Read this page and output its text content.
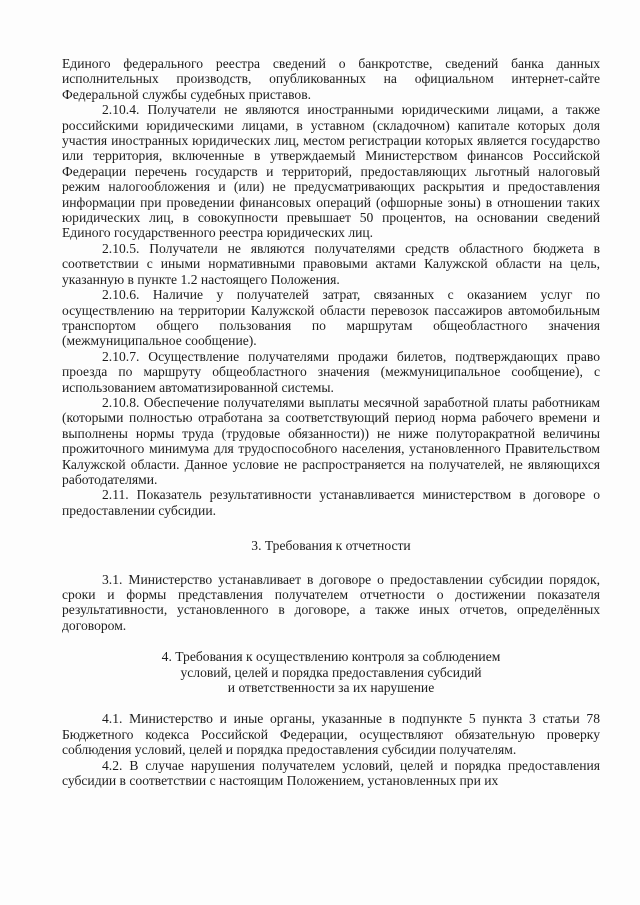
Единого федерального реестра сведений о банкротстве, сведений банка данных исполнительных производств, опубликованных на официальном интернет-сайте Федеральной службы судебных приставов.

2.10.4. Получатели не являются иностранными юридическими лицами, а также российскими юридическими лицами, в уставном (складочном) капитале которых доля участия иностранных юридических лиц, местом регистрации которых является государство или территория, включенные в утверждаемый Министерством финансов Российской Федерации перечень государств и территорий, предоставляющих льготный налоговый режим налогообложения и (или) не предусматривающих раскрытия и предоставления информации при проведении финансовых операций (офшорные зоны) в отношении таких юридических лиц, в совокупности превышает 50 процентов, на основании сведений Единого государственного реестра юридических лиц.

2.10.5. Получатели не являются получателями средств областного бюджета в соответствии с иными нормативными правовыми актами Калужской области на цель, указанную в пункте 1.2 настоящего Положения.

2.10.6. Наличие у получателей затрат, связанных с оказанием услуг по осуществлению на территории Калужской области перевозок пассажиров автомобильным транспортом общего пользования по маршрутам общеобластного значения (межмуниципальное сообщение).

2.10.7. Осуществление получателями продажи билетов, подтверждающих право проезда по маршруту общеобластного значения (межмуниципальное сообщение), с использованием автоматизированной системы.

2.10.8. Обеспечение получателями выплаты месячной заработной платы работникам (которыми полностью отработана за соответствующий период норма рабочего времени и выполнены нормы труда (трудовые обязанности)) не ниже полуторакратной величины прожиточного минимума для трудоспособного населения, установленного Правительством Калужской области. Данное условие не распространяется на получателей, не являющихся работодателями.

2.11. Показатель результативности устанавливается министерством в договоре о предоставлении субсидии.

3. Требования к отчетности

3.1. Министерство устанавливает в договоре о предоставлении субсидии порядок, сроки и формы представления получателем отчетности о достижении показателя результативности, установленного в договоре, а также иных отчетов, определённых договором.

4. Требования к осуществлению контроля за соблюдением
условий, целей и порядка предоставления субсидий
и ответственности за их нарушение

4.1. Министерство и иные органы, указанные в подпункте 5 пункта 3 статьи 78 Бюджетного кодекса Российской Федерации, осуществляют обязательную проверку соблюдения условий, целей и порядка предоставления субсидии получателям.

4.2. В случае нарушения получателем условий, целей и порядка предоставления субсидии в соответствии с настоящим Положением, установленных при их
